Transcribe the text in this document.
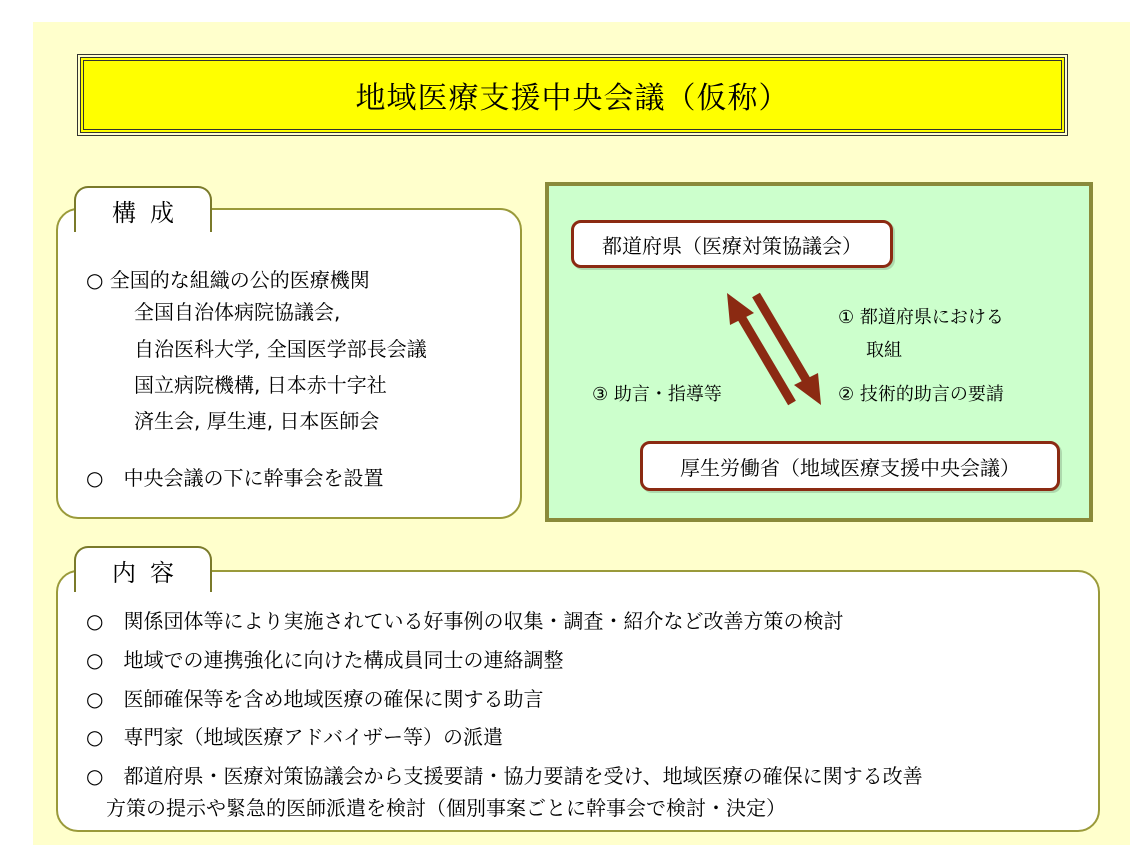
地域医療支援中央会議（仮称）
構成
○ 全国的な組織の公的医療機関
全国自治体病院協議会,
自治医科大学, 全国医学部長会議
国立病院機構, 日本赤十字社
済生会, 厚生連, 日本医師会
○　中央会議の下に幹事会を設置
都道府県（医療対策協議会）
厚生労働省（地域医療支援中央会議）
① 都道府県における
取組
② 技術的助言の要請
③ 助言・指導等
内容
○　関係団体等により実施されている好事例の収集・調査・紹介など改善方策の検討
○　地域での連携強化に向けた構成員同士の連絡調整
○　医師確保等を含め地域医療の確保に関する助言
○　専門家（地域医療アドバイザー等）の派遣
○　都道府県・医療対策協議会から支援要請・協力要請を受け、地域医療の確保に関する改善
方策の提示や緊急的医師派遣を検討（個別事案ごとに幹事会で検討・決定）
